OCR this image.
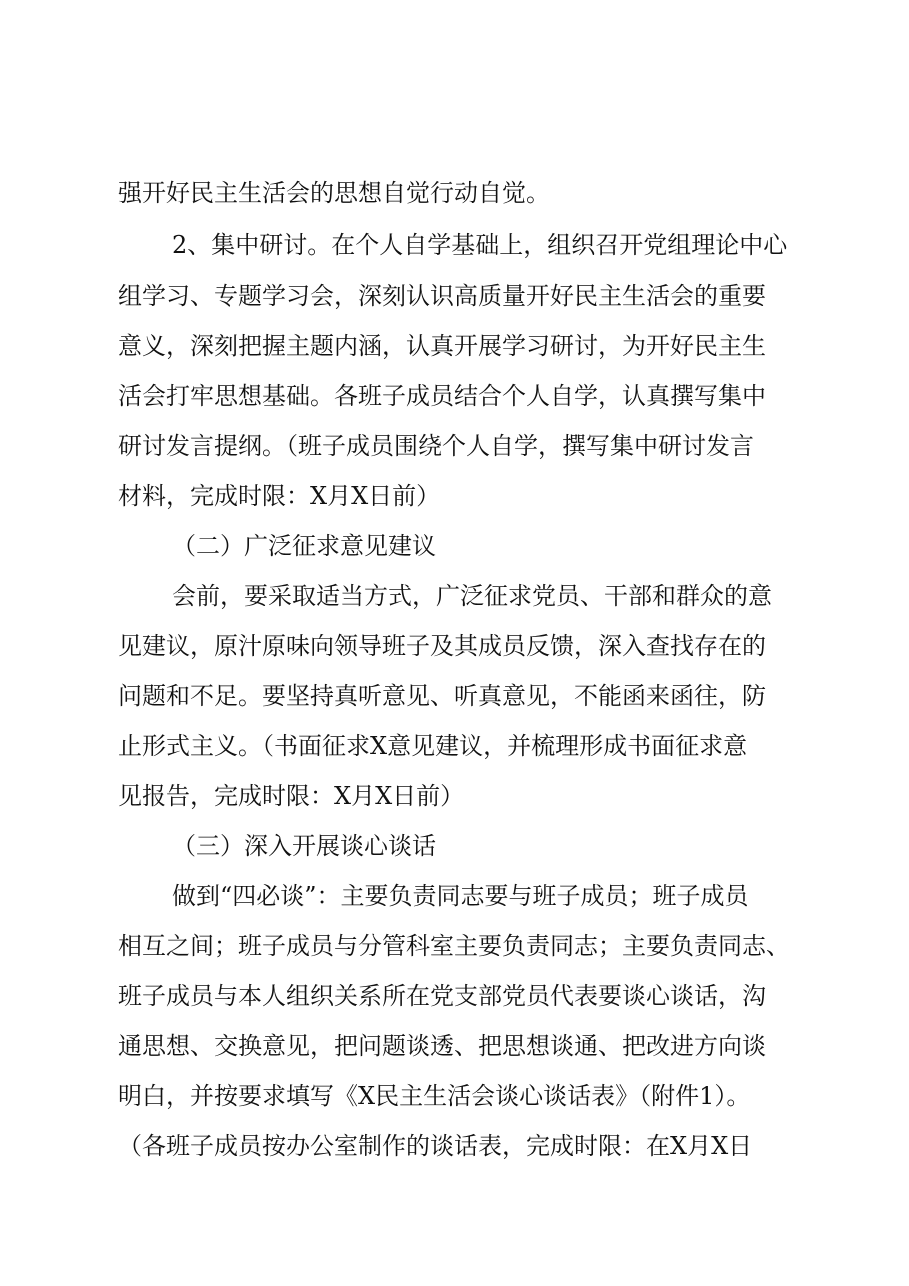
强开好民主生活会的思想自觉行动自觉。
2、集中研讨。在个人自学基础上，组织召开党组理论中心
组学习、专题学习会，深刻认识高质量开好民主生活会的重要
意义，深刻把握主题内涵，认真开展学习研讨，为开好民主生
活会打牢思想基础。各班子成员结合个人自学，认真撰写集中
研讨发言提纲。（班子成员围绕个人自学，撰写集中研讨发言
材料，完成时限：X月X日前）
（二）广泛征求意见建议
会前，要采取适当方式，广泛征求党员、干部和群众的意
见建议，原汁原味向领导班子及其成员反馈，深入查找存在的
问题和不足。要坚持真听意见、听真意见，不能函来函往，防
止形式主义。（书面征求X意见建议，并梳理形成书面征求意
见报告，完成时限：X月X日前）
（三）深入开展谈心谈话
做到“四必谈”：主要负责同志要与班子成员；班子成员
相互之间；班子成员与分管科室主要负责同志；主要负责同志、
班子成员与本人组织关系所在党支部党员代表要谈心谈话，沟
通思想、交换意见，把问题谈透、把思想谈通、把改进方向谈
明白，并按要求填写《X民主生活会谈心谈话表》（附件1）。
（各班子成员按办公室制作的谈话表，完成时限：在X月X日
